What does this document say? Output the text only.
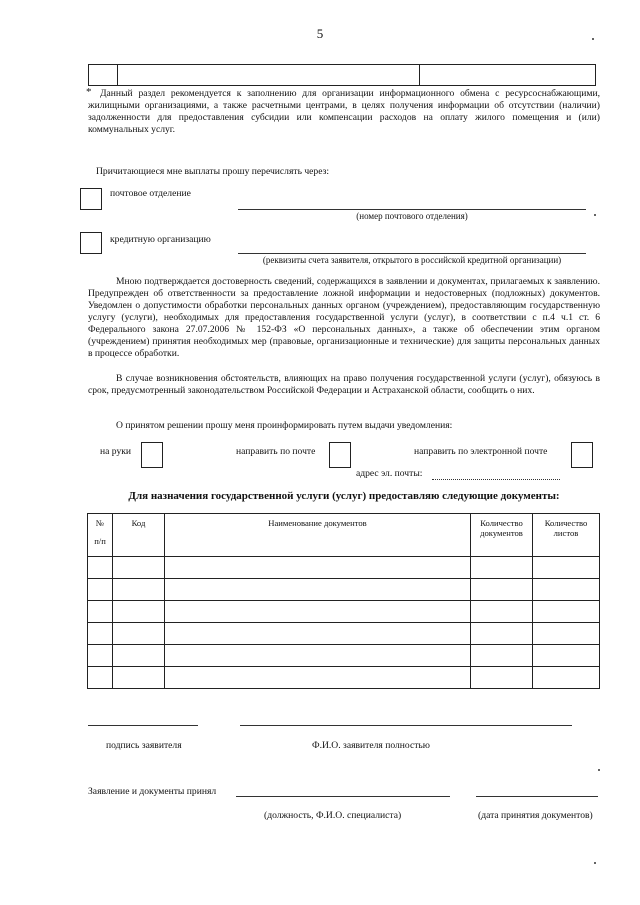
5
* Данный раздел рекомендуется к заполнению для организации информационного обмена с ресурсоснабжающими, жилищными организациями, а также расчетными центрами, в целях получения информации об отсутствии (наличии) задолженности для предоставления субсидии или компенсации расходов на оплату жилого помещения и (или) коммунальных услуг.

Причитающиеся мне выплаты прошу перечислять через:
почтовое отделение
(номер почтового отделения)
кредитную организацию
(реквизиты счета заявителя, открытого в российской кредитной организации)

Мною подтверждается достоверность сведений, содержащихся в заявлении и документах, прилагаемых к заявлению. Предупрежден об ответственности за предоставление ложной информации и недостоверных (подложных) документов. Уведомлен о допустимости обработки персональных данных органом (учреждением), предоставляющим государственную услугу (услуги), необходимых для предоставления государственной услуги (услуг), в соответствии с п.4 ч.1 ст. 6 Федерального закона 27.07.2006 № 152-ФЗ «О персональных данных», а также об обеспечении этим органом (учреждением) принятия необходимых мер (правовые, организационные и технические) для защиты персональных данных в процессе обработки.

В случае возникновения обстоятельств, влияющих на право получения государственной услуги (услуг), обязуюсь в срок, предусмотренный законодательством Российской Федерации и Астраханской области, сообщить о них.

О принятом решении прошу меня проинформировать путем выдачи уведомления:
на руки	направить по почте	направить по электронной почте
адрес эл. почты:
Для назначения государственной услуги (услуг) предоставляю следующие документы:
№
п/п	Код	Наименование документов	Количество документов	Количество листов

подпись заявителя	Ф.И.О. заявителя полностью
Заявление и документы принял
(должность, Ф.И.О. специалиста)	(дата принятия документов)
